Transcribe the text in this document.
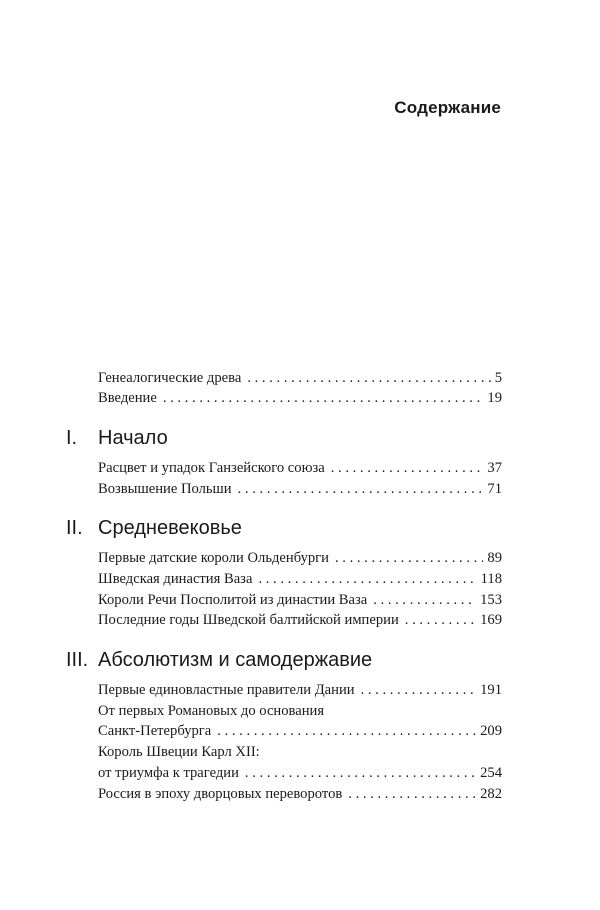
Содержание
Генеалогические древа . . .	5
Введение . . .	19
I. Начало
Расцвет и упадок Ганзейского союза . . .	37
Возвышение Польши . . .	71
II. Средневековье
Первые датские короли Ольденбурги . . .	89
Шведская династия Ваза . . .	118
Короли Речи Посполитой из династии Ваза . . .	153
Последние годы Шведской балтийской империи . . .	169
III. Абсолютизм и самодержавие
Первые единовластные правители Дании . . .	191
От первых Романовых до основания
Санкт-Петербурга . . .	209
Король Швеции Карл XII:
от триумфа к трагедии . . .	254
Россия в эпоху дворцовых переворотов . . .	282
